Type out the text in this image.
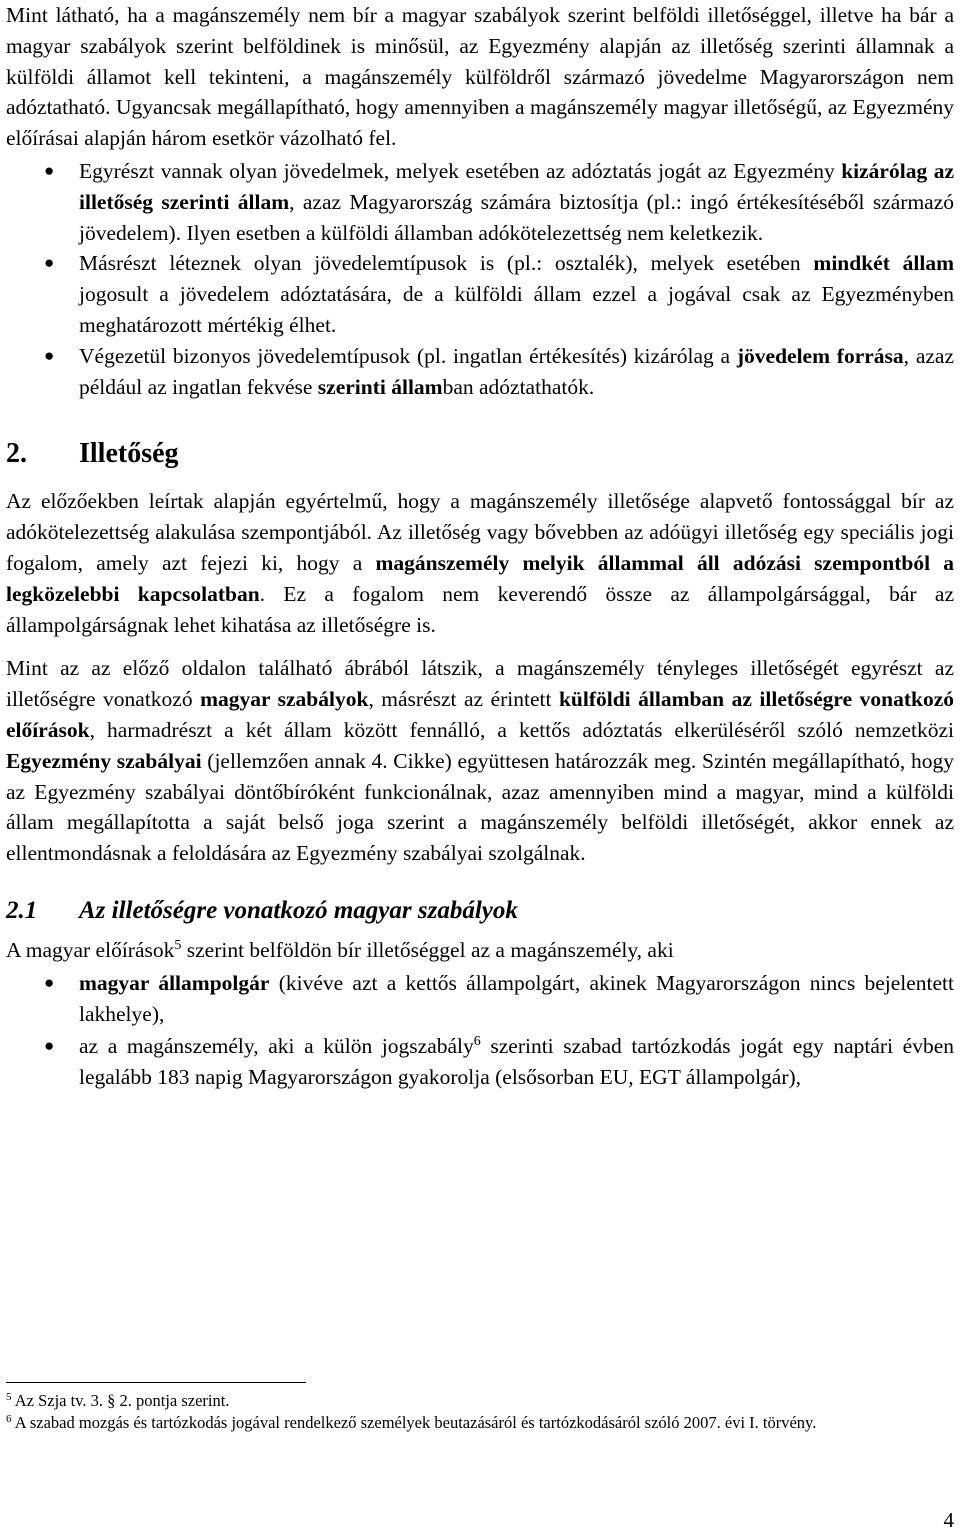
Mint látható, ha a magánszemély nem bír a magyar szabályok szerint belföldi illetőséggel, illetve ha bár a magyar szabályok szerint belföldinek is minősül, az Egyezmény alapján az illetőség szerinti államnak a külföldi államot kell tekinteni, a magánszemély külföldről származó jövedelme Magyarországon nem adóztatható. Ugyancsak megállapítható, hogy amennyiben a magánszemély magyar illetőségű, az Egyezmény előírásai alapján három esetkör vázolható fel.

● Egyrészt vannak olyan jövedelmek, melyek esetében az adóztatás jogát az Egyezmény kizárólag az illetőség szerinti állam, azaz Magyarország számára biztosítja (pl.: ingó értékesítéséből származó jövedelem). Ilyen esetben a külföldi államban adókötelezettség nem keletkezik.
● Másrészt léteznek olyan jövedelemtípusok is (pl.: osztalék), melyek esetében mindkét állam jogosult a jövedelem adóztatására, de a külföldi állam ezzel a jogával csak az Egyezményben meghatározott mértékig élhet.
● Végezetül bizonyos jövedelemtípusok (pl. ingatlan értékesítés) kizárólag a jövedelem forrása, azaz például az ingatlan fekvése szerinti államban adóztathatók.
2. Illetőség

Az előzőekben leírtak alapján egyértelmű, hogy a magánszemély illetősége alapvető fontossággal bír az adókötelezettség alakulása szempontjából. Az illetőség vagy bővebben az adóügyi illetőség egy speciális jogi fogalom, amely azt fejezi ki, hogy a magánszemély melyik állammal áll adózási szempontból a legközelebbi kapcsolatban. Ez a fogalom nem keverendő össze az állampolgársággal, bár az állampolgárságnak lehet kihatása az illetőségre is.

Mint az az előző oldalon található ábrából látszik, a magánszemély tényleges illetőségét egyrészt az illetőségre vonatkozó magyar szabályok, másrészt az érintett külföldi államban az illetőségre vonatkozó előírások, harmadrészt a két állam között fennálló, a kettős adóztatás elkerüléséről szóló nemzetközi Egyezmény szabályai (jellemzően annak 4. Cikke) együttesen határozzák meg. Szintén megállapítható, hogy az Egyezmény szabályai döntőbíróként funkcionálnak, azaz amennyiben mind a magyar, mind a külföldi állam megállapította a saját belső joga szerint a magánszemély belföldi illetőségét, akkor ennek az ellentmondásnak a feloldására az Egyezmény szabályai szolgálnak.

2.1 Az illetőségre vonatkozó magyar szabályok

A magyar előírások$^5$ szerint belföldön bír illetőséggel az a magánszemély, aki

● magyar állampolgár (kivéve azt a kettős állampolgárt, akinek Magyarországon nincs bejelentett lakhelye),
● az a magánszemély, aki a külön jogszabály$^6$ szerinti szabad tartózkodás jogát egy naptári évben legalább 183 napig Magyarországon gyakorolja (elsősorban EU, EGT állampolgár),

$^5$ Az Szja tv. 3. § 2. pontja szerint.

$^6$ A szabad mozgás és tartózkodás jogával rendelkező személyek beutazásáról és tartózkodásáról szóló 2007. évi I. törvény.

4
